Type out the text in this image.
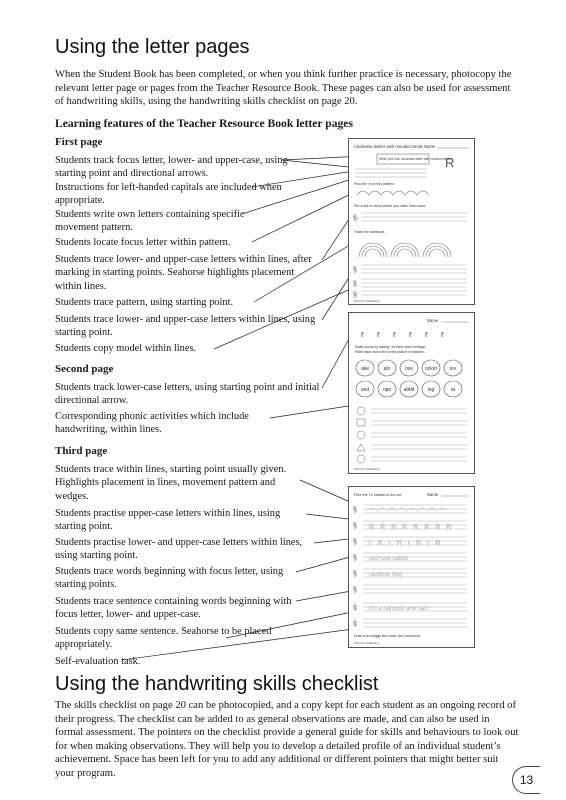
Using the letter pages
When the Student Book has been completed, or when you think further practice is necessary, photocopy the relevant letter page or pages from the Teacher Resource Book. These pages can also be used for assessment of handwriting skills, using the handwriting skills checklist on page 20.
Learning features of the Teacher Resource Book letter pages
First page
Students track focus letter, lower- and upper-case, using starting point and directional arrows.
Instructions for left-handed capitals are included when appropriate.
Students write own letters containing specific movement pattern.
Students locate focus letter within pattern.
Students trace lower- and upper-case letters within lines, after marking in starting points. Seahorse highlights placement within lines.
Students trace pattern, using starting point.
Students trace lower- and upper-case letters within lines, using starting point.
Students copy model within lines.
Second page
Students track lower-case letters, using starting point and initial directional arrow.
Corresponding phonic activities which include handwriting, within lines.
Third page
Students trace within lines, starting point usually given. Highlights placement in lines, movement pattern and wedges.
Students practise upper-case letters within lines, using starting point.
Students practise lower- and upper-case letters within lines, using starting point.
Students trace words beginning with focus letter, using starting points.
Students trace sentence containing words beginning with focus letter, lower- and upper-case.
Students copy same sentence. Seahorse to be placed appropriately.
Self-evaluation task.
Clockwise letters with rounded stroke Name
Write your own clockwise letter with rounded stroke.
R
Find the r's in this pattern.
Put a dot to show where you start, then trace.
§
Trace the rainbows.
§
§
§
Prim-Ed Publishing
Name
r r r r r r
Make words by adding r to these word endings.
Write each word next to the picture it matches.
ake	ain	ose ocket	ice
and	ope abbit	ing	at
Prim-Ed Publishing
Find the r's hidden in the ice.	Name
§
§
§
§
§
§
§
§
RRRRRRRR
rRrRrRrR
red rose rabbit
rainbow ring
I'm a rainbow and rain
Draw a red wiggly line under your best word.
Prim-Ed Publishing
Using the handwriting skills checklist
The skills checklist on page 20 can be photocopied, and a copy kept for each student as an ongoing record of their progress. The checklist can be added to as general observations are made, and can also be used in formal assessment. The pointers on the checklist provide a general guide for skills and behaviours to look out for when making observations. They will help you to develop a detailed profile of an individual student’s achievement. Space has been left for you to add any additional or different pointers that might better suit your program.	13
